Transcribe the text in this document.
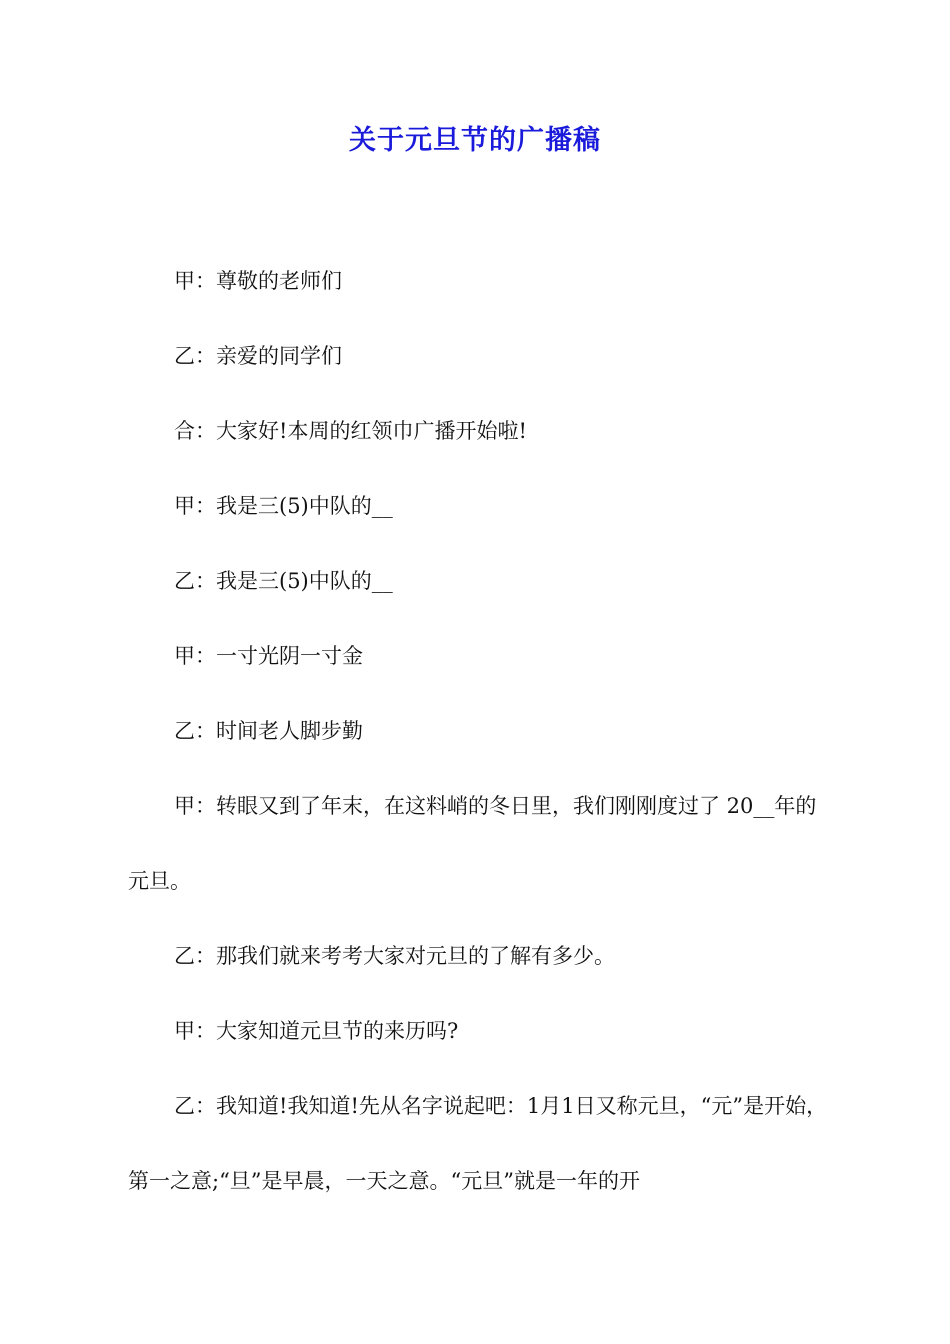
关于元旦节的广播稿
甲：尊敬的老师们
乙：亲爱的同学们
合：大家好!本周的红领巾广播开始啦!
甲：我是三(5)中队的__
乙：我是三(5)中队的__
甲：一寸光阴一寸金
乙：时间老人脚步勤
甲：转眼又到了年末，在这料峭的冬日里，我们刚刚度过了 20__年的元旦。
乙：那我们就来考考大家对元旦的了解有多少。
甲：大家知道元旦节的来历吗?
乙：我知道!我知道!先从名字说起吧：1月1日又称元旦，“元”是开始，第一之意;“旦”是早晨，一天之意。“元旦”就是一年的开
